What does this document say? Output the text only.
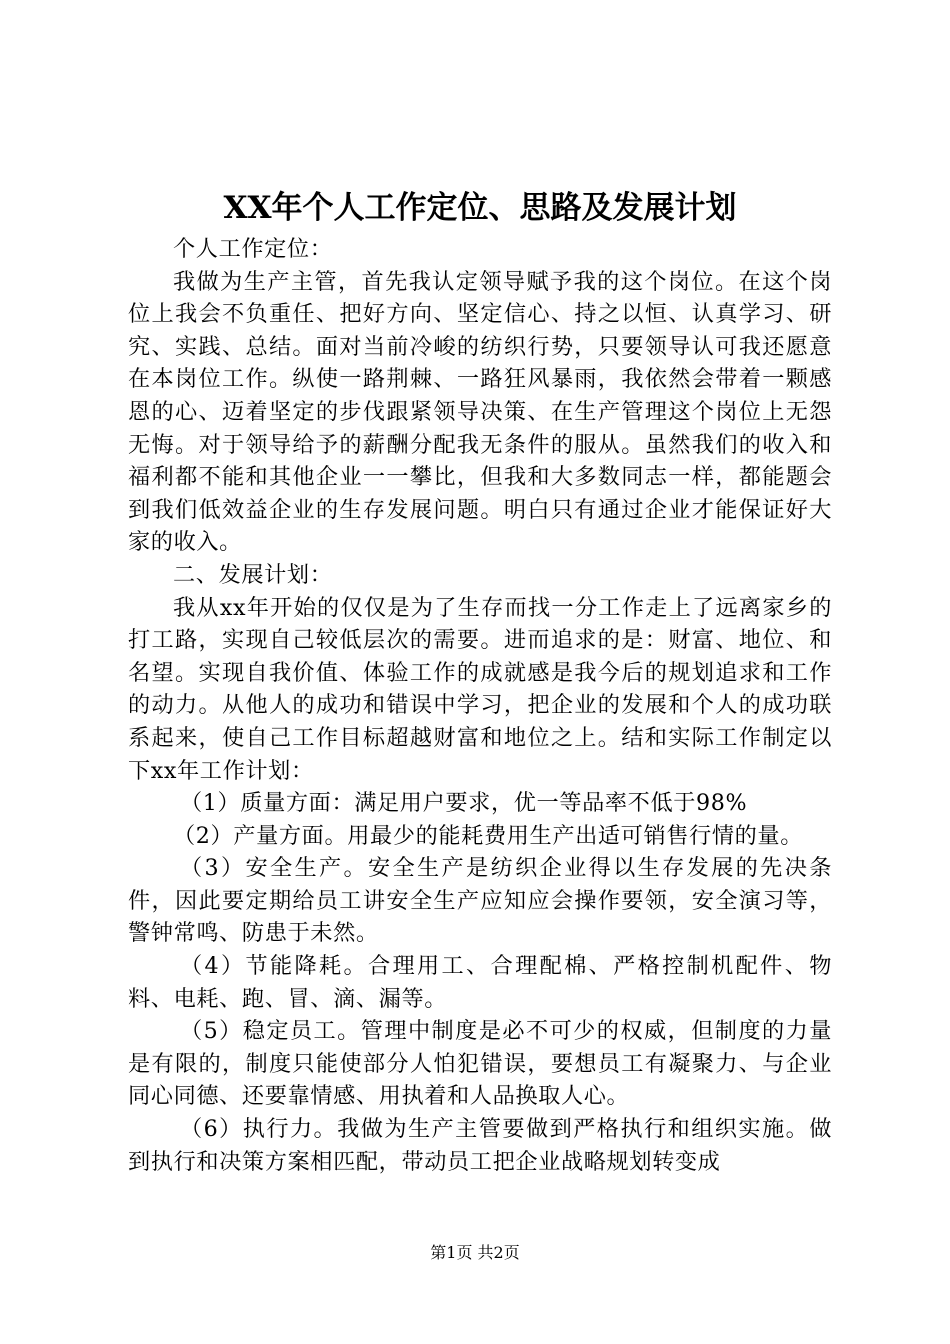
XX年个人工作定位、思路及发展计划

个人工作定位：

我做为生产主管，首先我认定领导赋予我的这个岗位。在这个岗位上我会不负重任、把好方向、坚定信心、持之以恒、认真学习、研究、实践、总结。面对当前冷峻的纺织行势，只要领导认可我还愿意在本岗位工作。纵使一路荆棘、一路狂风暴雨，我依然会带着一颗感恩的心、迈着坚定的步伐跟紧领导决策、在生产管理这个岗位上无怨无悔。对于领导给予的薪酬分配我无条件的服从。虽然我们的收入和福利都不能和其他企业一一攀比，但我和大多数同志一样，都能题会到我们低效益企业的生存发展问题。明白只有通过企业才能保证好大家的收入。

二、发展计划：

我从xx年开始的仅仅是为了生存而找一分工作走上了远离家乡的打工路，实现自己较低层次的需要。进而追求的是：财富、地位、和名望。实现自我价值、体验工作的成就感是我今后的规划追求和工作的动力。从他人的成功和错误中学习，把企业的发展和个人的成功联系起来，使自己工作目标超越财富和地位之上。结和实际工作制定以下xx年工作计划：

（1）质量方面：满足用户要求，优一等品率不低于98%

（2）产量方面。用最少的能耗费用生产出适可销售行情的量。

（3）安全生产。安全生产是纺织企业得以生存发展的先决条件，因此要定期给员工讲安全生产应知应会操作要领，安全演习等，警钟常鸣、防患于未然。

（4）节能降耗。合理用工、合理配棉、严格控制机配件、物料、电耗、跑、冒、滴、漏等。

（5）稳定员工。管理中制度是必不可少的权威，但制度的力量是有限的，制度只能使部分人怕犯错误，要想员工有凝聚力、与企业同心同德、还要靠情感、用执着和人品换取人心。

（6）执行力。我做为生产主管要做到严格执行和组织实施。做到执行和决策方案相匹配，带动员工把企业战略规划转变成

第1页 共2页
